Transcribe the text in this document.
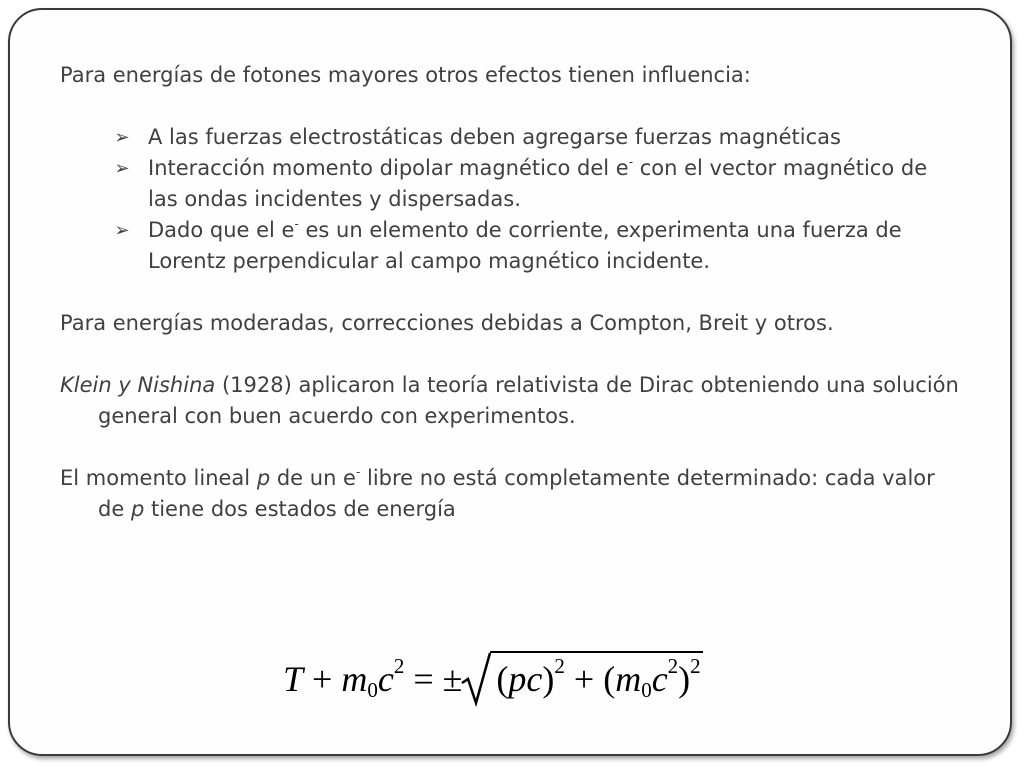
Para energías de fotones mayores otros efectos tienen influencia:

➢ A las fuerzas electrostáticas deben agregarse fuerzas magnéticas
➢ Interacción momento dipolar magnético del e- con el vector magnético de las ondas incidentes y dispersadas.
➢ Dado que el e- es un elemento de corriente, experimenta una fuerza de Lorentz perpendicular al campo magnético incidente.

Para energías moderadas, correcciones debidas a Compton, Breit y otros.

Klein y Nishina (1928) aplicaron la teoría relativista de Dirac obteniendo una solución general con buen acuerdo con experimentos.

El momento lineal p de un e- libre no está completamente determinado: cada valor de p tiene dos estados de energía

$T + m_0c^2$ = ± $(pc)^2 + (m_0c^2)^2$
